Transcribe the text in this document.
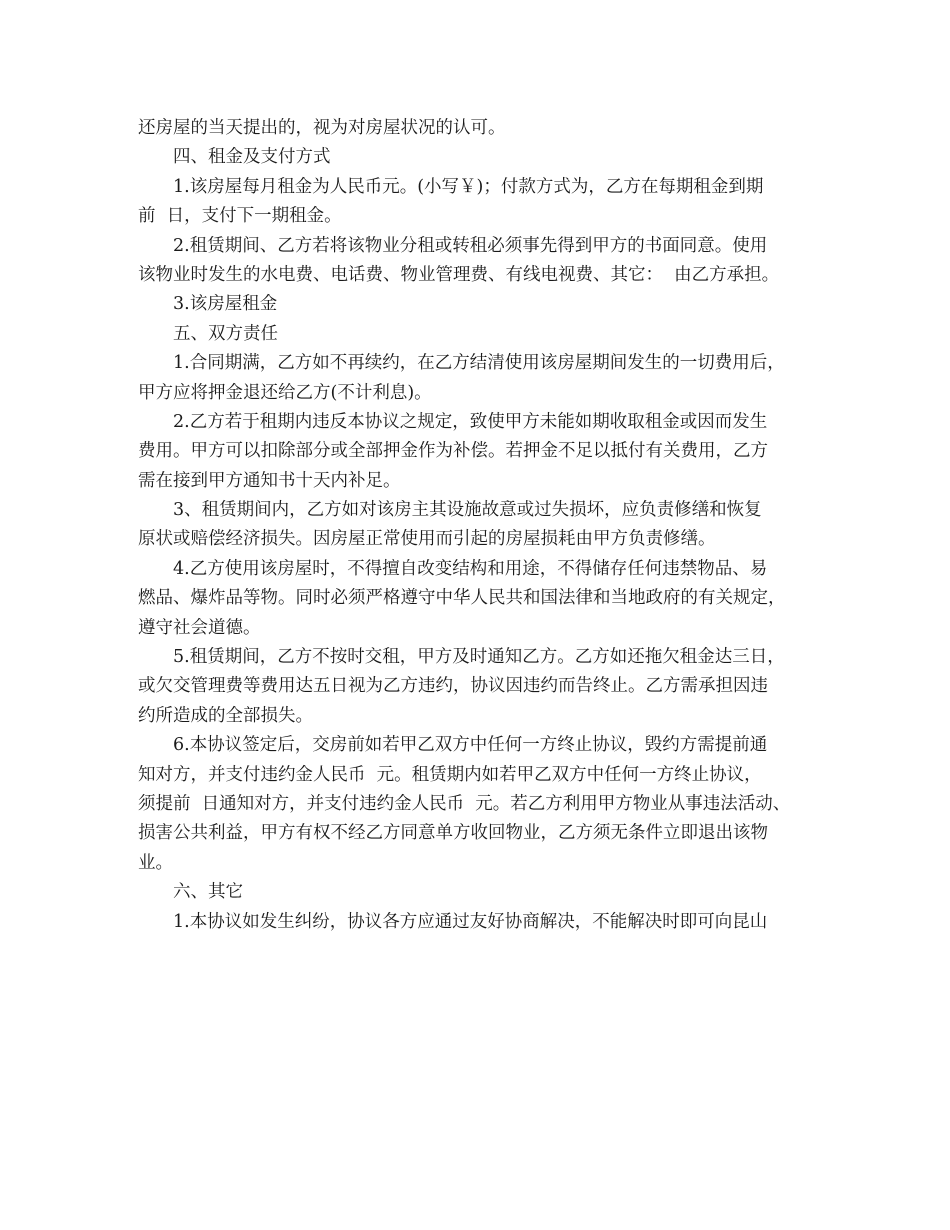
还房屋的当天提出的，视为对房屋状况的认可。
四、租金及支付方式
1.该房屋每月租金为人民币元。(小写￥)；付款方式为，乙方在每期租金到期
前  日，支付下一期租金。
2.租赁期间、乙方若将该物业分租或转租必须事先得到甲方的书面同意。使用
该物业时发生的水电费、电话费、物业管理费、有线电视费、其它：  由乙方承担。
3.该房屋租金
五、双方责任
1.合同期满，乙方如不再续约，在乙方结清使用该房屋期间发生的一切费用后，
甲方应将押金退还给乙方(不计利息)。
2.乙方若于租期内违反本协议之规定，致使甲方未能如期收取租金或因而发生
费用。甲方可以扣除部分或全部押金作为补偿。若押金不足以抵付有关费用，乙方
需在接到甲方通知书十天内补足。
3、租赁期间内，乙方如对该房主其设施故意或过失损坏，应负责修缮和恢复
原状或赔偿经济损失。因房屋正常使用而引起的房屋损耗由甲方负责修缮。
4.乙方使用该房屋时，不得擅自改变结构和用途，不得储存任何违禁物品、易
燃品、爆炸品等物。同时必须严格遵守中华人民共和国法律和当地政府的有关规定，
遵守社会道德。
5.租赁期间，乙方不按时交租，甲方及时通知乙方。乙方如还拖欠租金达三日，
或欠交管理费等费用达五日视为乙方违约，协议因违约而告终止。乙方需承担因违
约所造成的全部损失。
6.本协议签定后，交房前如若甲乙双方中任何一方终止协议，毁约方需提前通
知对方，并支付违约金人民币  元。租赁期内如若甲乙双方中任何一方终止协议，
须提前  日通知对方，并支付违约金人民币  元。若乙方利用甲方物业从事违法活动、
损害公共利益，甲方有权不经乙方同意单方收回物业，乙方须无条件立即退出该物
业。
六、其它
1.本协议如发生纠纷，协议各方应通过友好协商解决，不能解决时即可向昆山
